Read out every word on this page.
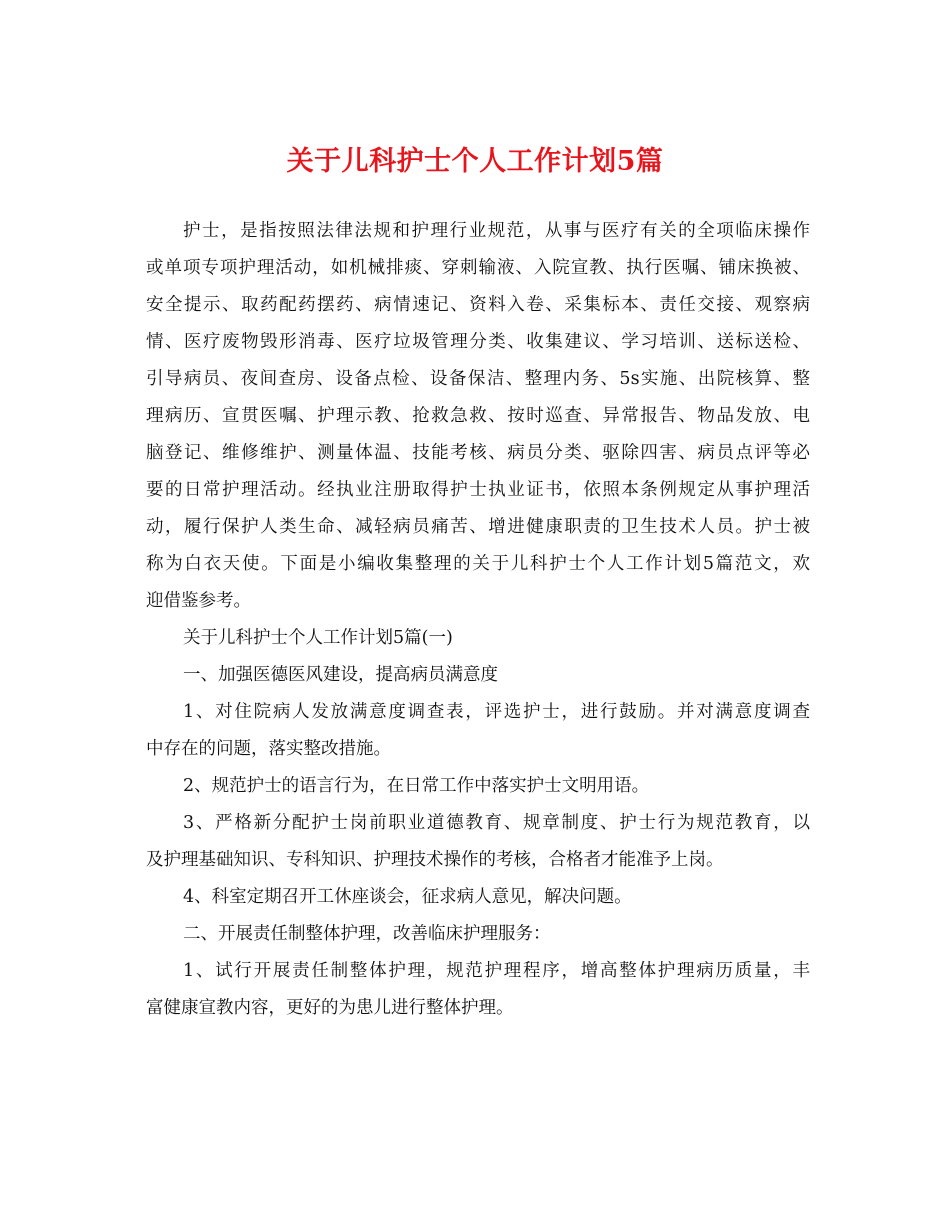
关于儿科护士个人工作计划5篇
护士，是指按照法律法规和护理行业规范，从事与医疗有关的全项临床操作
或单项专项护理活动，如机械排痰、穿刺输液、入院宣教、执行医嘱、铺床换被、
安全提示、取药配药摆药、病情速记、资料入卷、采集标本、责任交接、观察病
情、医疗废物毁形消毒、医疗垃圾管理分类、收集建议、学习培训、送标送检、
引导病员、夜间查房、设备点检、设备保洁、整理内务、5s实施、出院核算、整
理病历、宣贯医嘱、护理示教、抢救急救、按时巡查、异常报告、物品发放、电
脑登记、维修维护、测量体温、技能考核、病员分类、驱除四害、病员点评等必
要的日常护理活动。经执业注册取得护士执业证书，依照本条例规定从事护理活
动，履行保护人类生命、减轻病员痛苦、增进健康职责的卫生技术人员。护士被
称为白衣天使。下面是小编收集整理的关于儿科护士个人工作计划5篇范文，欢
迎借鉴参考。
关于儿科护士个人工作计划5篇(一)
一、加强医德医风建设，提高病员满意度
1、对住院病人发放满意度调查表，评选护士，进行鼓励。并对满意度调查
中存在的问题，落实整改措施。
2、规范护士的语言行为，在日常工作中落实护士文明用语。
3、严格新分配护士岗前职业道德教育、规章制度、护士行为规范教育，以
及护理基础知识、专科知识、护理技术操作的考核，合格者才能准予上岗。
4、科室定期召开工休座谈会，征求病人意见，解决问题。
二、开展责任制整体护理，改善临床护理服务：
1、试行开展责任制整体护理，规范护理程序，增高整体护理病历质量，丰
富健康宣教内容，更好的为患儿进行整体护理。
